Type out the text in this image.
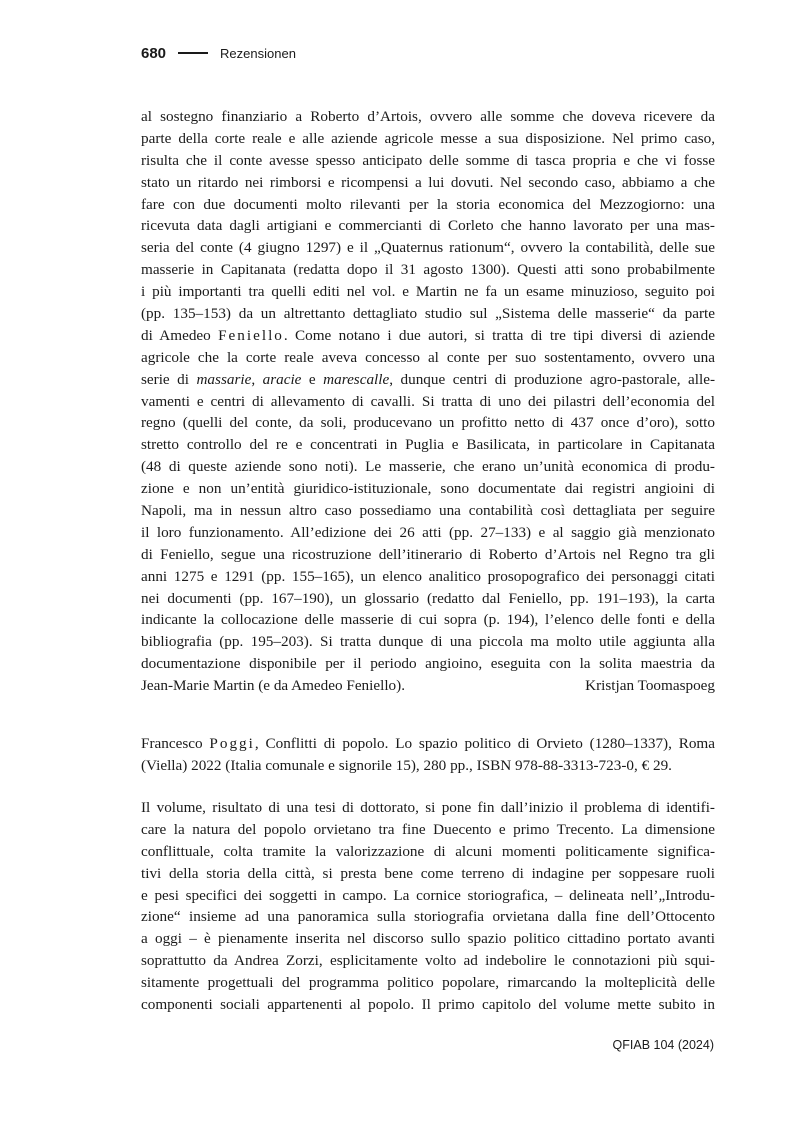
680	Rezensionen
al sostegno finanziario a Roberto d’Artois, ovvero alle somme che doveva ricevere da
parte della corte reale e alle aziende agricole messe a sua disposizione. Nel primo caso,
risulta che il conte avesse spesso anticipato delle somme di tasca propria e che vi fosse
stato un ritardo nei rimborsi e ricompensi a lui dovuti. Nel secondo caso, abbiamo a che
fare con due documenti molto rilevanti per la storia economica del Mezzogiorno: una
ricevuta data dagli artigiani e commercianti di Corleto che hanno lavorato per una mas-
seria del conte (4 giugno 1297) e il „Quaternus rationum“, ovvero la contabilità, delle sue
masserie in Capitanata (redatta dopo il 31 agosto 1300). Questi atti sono probabilmente
i più importanti tra quelli editi nel vol. e Martin ne fa un esame minuzioso, seguito poi
(pp. 135–153) da un altrettanto dettagliato studio sul „Sistema delle masserie“ da parte
di Amedeo Feniello. Come notano i due autori, si tratta di tre tipi diversi di aziende
agricole che la corte reale aveva concesso al conte per suo sostentamento, ovvero una
serie di massarie, aracie e marescalle, dunque centri di produzione agro-pastorale, alle-
vamenti e centri di allevamento di cavalli. Si tratta di uno dei pilastri dell’economia del
regno (quelli del conte, da soli, producevano un profitto netto di 437 once d’oro), sotto
stretto controllo del re e concentrati in Puglia e Basilicata, in particolare in Capitanata
(48 di queste aziende sono noti). Le masserie, che erano un’unità economica di produ-
zione e non un’entità giuridico-istituzionale, sono documentate dai registri angioini di
Napoli, ma in nessun altro caso possediamo una contabilità così dettagliata per seguire
il loro funzionamento. All’edizione dei 26 atti (pp. 27–133) e al saggio già menzionato
di Feniello, segue una ricostruzione dell’itinerario di Roberto d’Artois nel Regno tra gli
anni 1275 e 1291 (pp. 155–165), un elenco analitico prosopografico dei personaggi citati
nei documenti (pp. 167–190), un glossario (redatto dal Feniello, pp. 191–193), la carta
indicante la collocazione delle masserie di cui sopra (p. 194), l’elenco delle fonti e della
bibliografia (pp. 195–203). Si tratta dunque di una piccola ma molto utile aggiunta alla
documentazione disponibile per il periodo angioino, eseguita con la solita maestria da
Jean-Marie Martin (e da Amedeo Feniello).	Kristjan Toomaspoeg
Francesco Poggi, Conflitti di popolo. Lo spazio politico di Orvieto (1280–1337), Roma
(Viella) 2022 (Italia comunale e signorile 15), 280 pp., ISBN 978-88-3313-723-0, € 29.
Il volume, risultato di una tesi di dottorato, si pone fin dall’inizio il problema di identifi-
care la natura del popolo orvietano tra fine Duecento e primo Trecento. La dimensione
conflittuale, colta tramite la valorizzazione di alcuni momenti politicamente significa-
tivi della storia della città, si presta bene come terreno di indagine per soppesare ruoli
e pesi specifici dei soggetti in campo. La cornice storiografica, – delineata nell’„Introdu-
zione“ insieme ad una panoramica sulla storiografia orvietana dalla fine dell’Ottocento
a oggi – è pienamente inserita nel discorso sullo spazio politico cittadino portato avanti
soprattutto da Andrea Zorzi, esplicitamente volto ad indebolire le connotazioni più squi-
sitamente progettuali del programma politico popolare, rimarcando la molteplicità delle
componenti sociali appartenenti al popolo. Il primo capitolo del volume mette subito in
QFIAB 104 (2024)
